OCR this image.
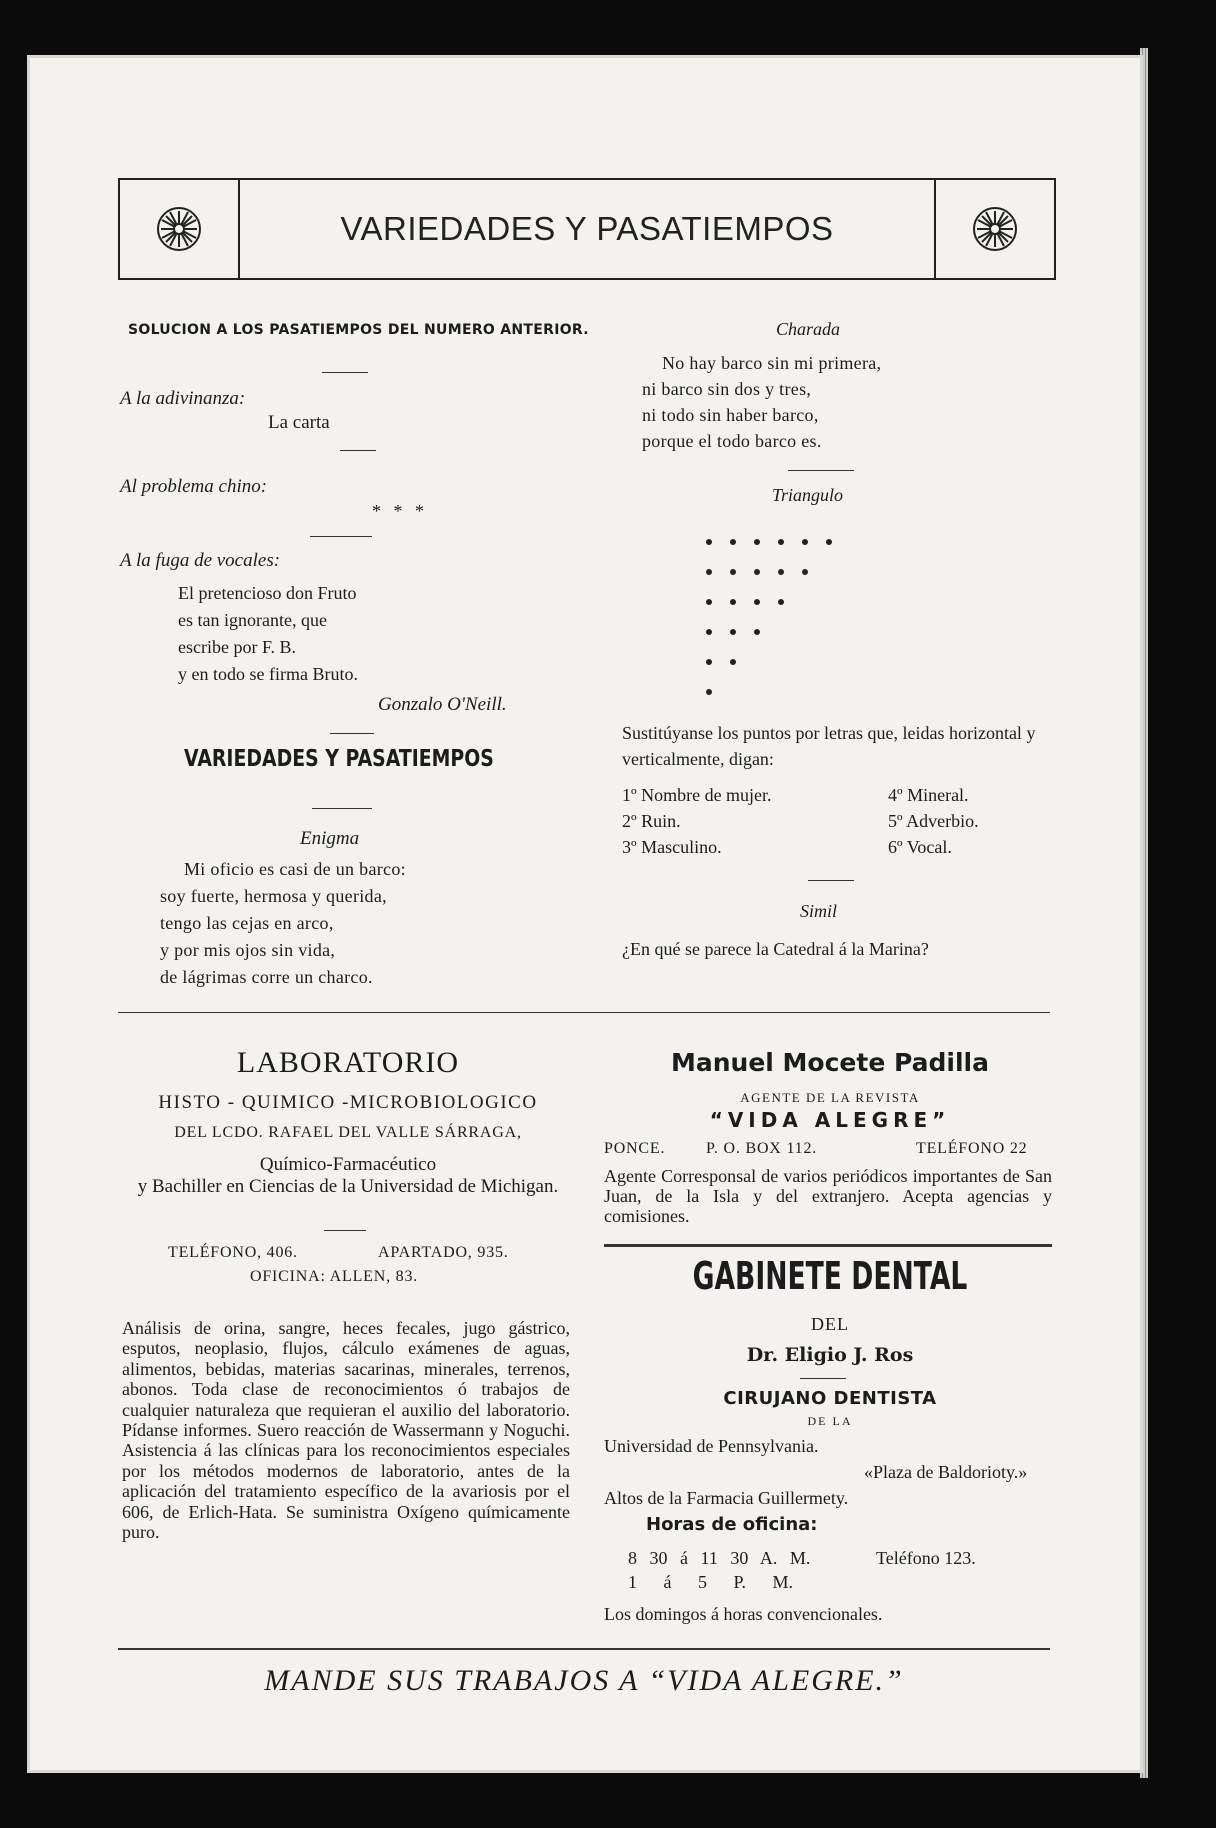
VARIEDADES Y PASATIEMPOS
SOLUCION A LOS PASATIEMPOS DEL NUMERO ANTERIOR.
A la adivinanza:
La carta
Al problema chino:
* * *
A la fuga de vocales:
El pretencioso don Fruto
es tan ignorante, que
escribe por F. B.
y en todo se firma Bruto.
Gonzalo O'Neill.
VARIEDADES Y PASATIEMPOS
Enigma
Mi oficio es casi de un barco:
soy fuerte, hermosa y querida,
tengo las cejas en arco,
y por mis ojos sin vida,
de lágrimas corre un charco.
Charada
No hay barco sin mi primera,
ni barco sin dos y tres,
ni todo sin haber barco,
porque el todo barco es.
Triangulo
Sustitúyanse los puntos por letras que, leidas horizontal y verticalmente, digan:
1º Nombre de mujer.
2º Ruin.
3º Masculino.
4º Mineral.
5º Adverbio.
6º Vocal.
Simil
¿En qué se parece la Catedral á la Marina?
LABORATORIO
HISTO - QUIMICO -MICROBIOLOGICO
DEL LCDO. RAFAEL DEL VALLE SÁRRAGA,
Químico-Farmacéutico
y Bachiller en Ciencias de la Universidad de Michigan.
TELÉFONO, 406.	APARTADO, 935.
OFICINA: ALLEN, 83.
Análisis de orina, sangre, heces fecales, jugo gástrico, esputos, neoplasio, flujos, cálculo exámenes de aguas, alimentos, bebidas, materias sacarinas, minerales, terrenos, abonos. Toda clase de reconocimientos ó trabajos de cualquier naturaleza que requieran el auxilio del laboratorio. Pídanse informes. Suero reacción de Wassermann y Noguchi. Asistencia á las clínicas para los reconocimientos especiales por los métodos modernos de laboratorio, antes de la aplicación del tratamiento específico de la avariosis por el 606, de Erlich-Hata. Se suministra Oxígeno químicamente puro.
Manuel Mocete Padilla
AGENTE DE LA REVISTA
“VIDA ALEGRE”
PONCE.	P. O. BOX 112.	TELÉFONO 22
Agente Corresponsal de varios periódicos importantes de San Juan, de la Isla y del extranjero. Acepta agencias y comisiones.
GABINETE DENTAL
DEL
Dr. Eligio J. Ros
CIRUJANO DENTISTA
DE LA
Universidad de Pennsylvania.
«Plaza de Baldorioty.»
Altos de la Farmacia Guillermety.
Horas de oficina:
8 30 á 11 30 A. M.	Teléfono 123.
1 á 5 P. M.
Los domingos á horas convencionales.
MANDE SUS TRABAJOS A “VIDA ALEGRE.”
